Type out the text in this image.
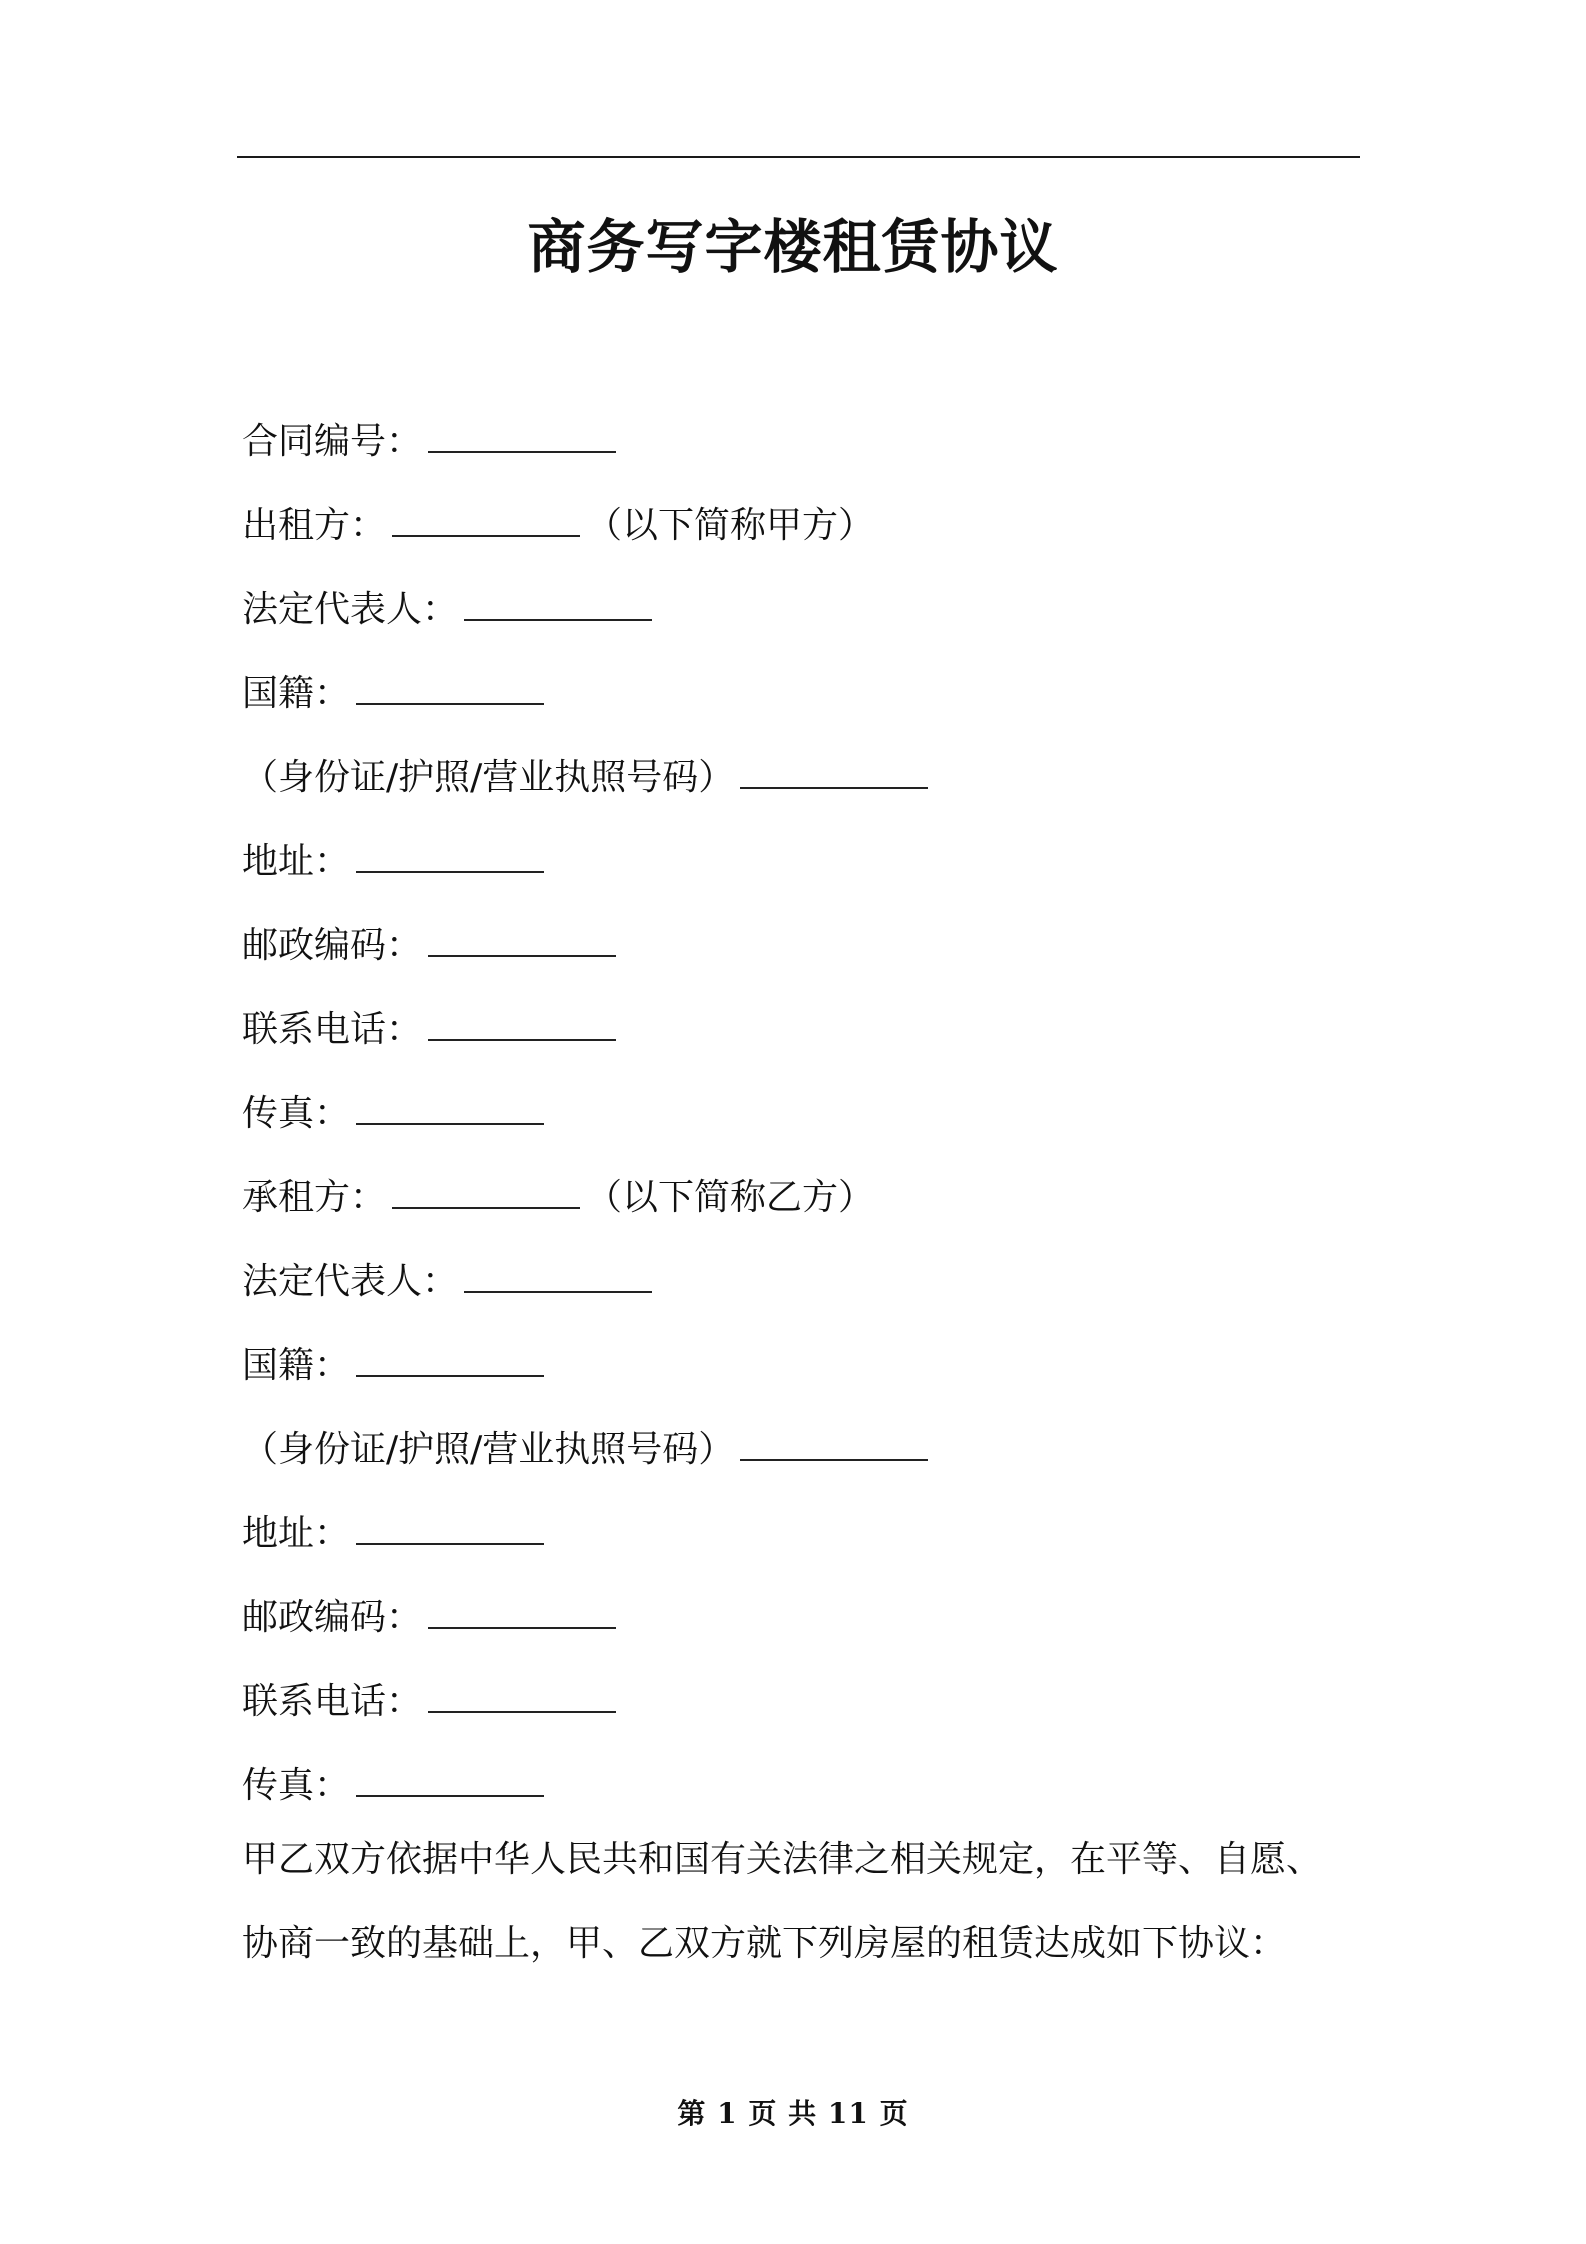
商务写字楼租赁协议
合同编号：
出租方：	（以下简称甲方）
法定代表人：
国籍：
（身份证/护照/营业执照号码）
地址：
邮政编码：
联系电话：
传真：
承租方：	（以下简称乙方）
法定代表人：
国籍：
（身份证/护照/营业执照号码）
地址：
邮政编码：
联系电话：
传真：
甲乙双方依据中华人民共和国有关法律之相关规定，在平等、自愿、
协商一致的基础上，甲、乙双方就下列房屋的租赁达成如下协议：
第 1 页 共 11 页
